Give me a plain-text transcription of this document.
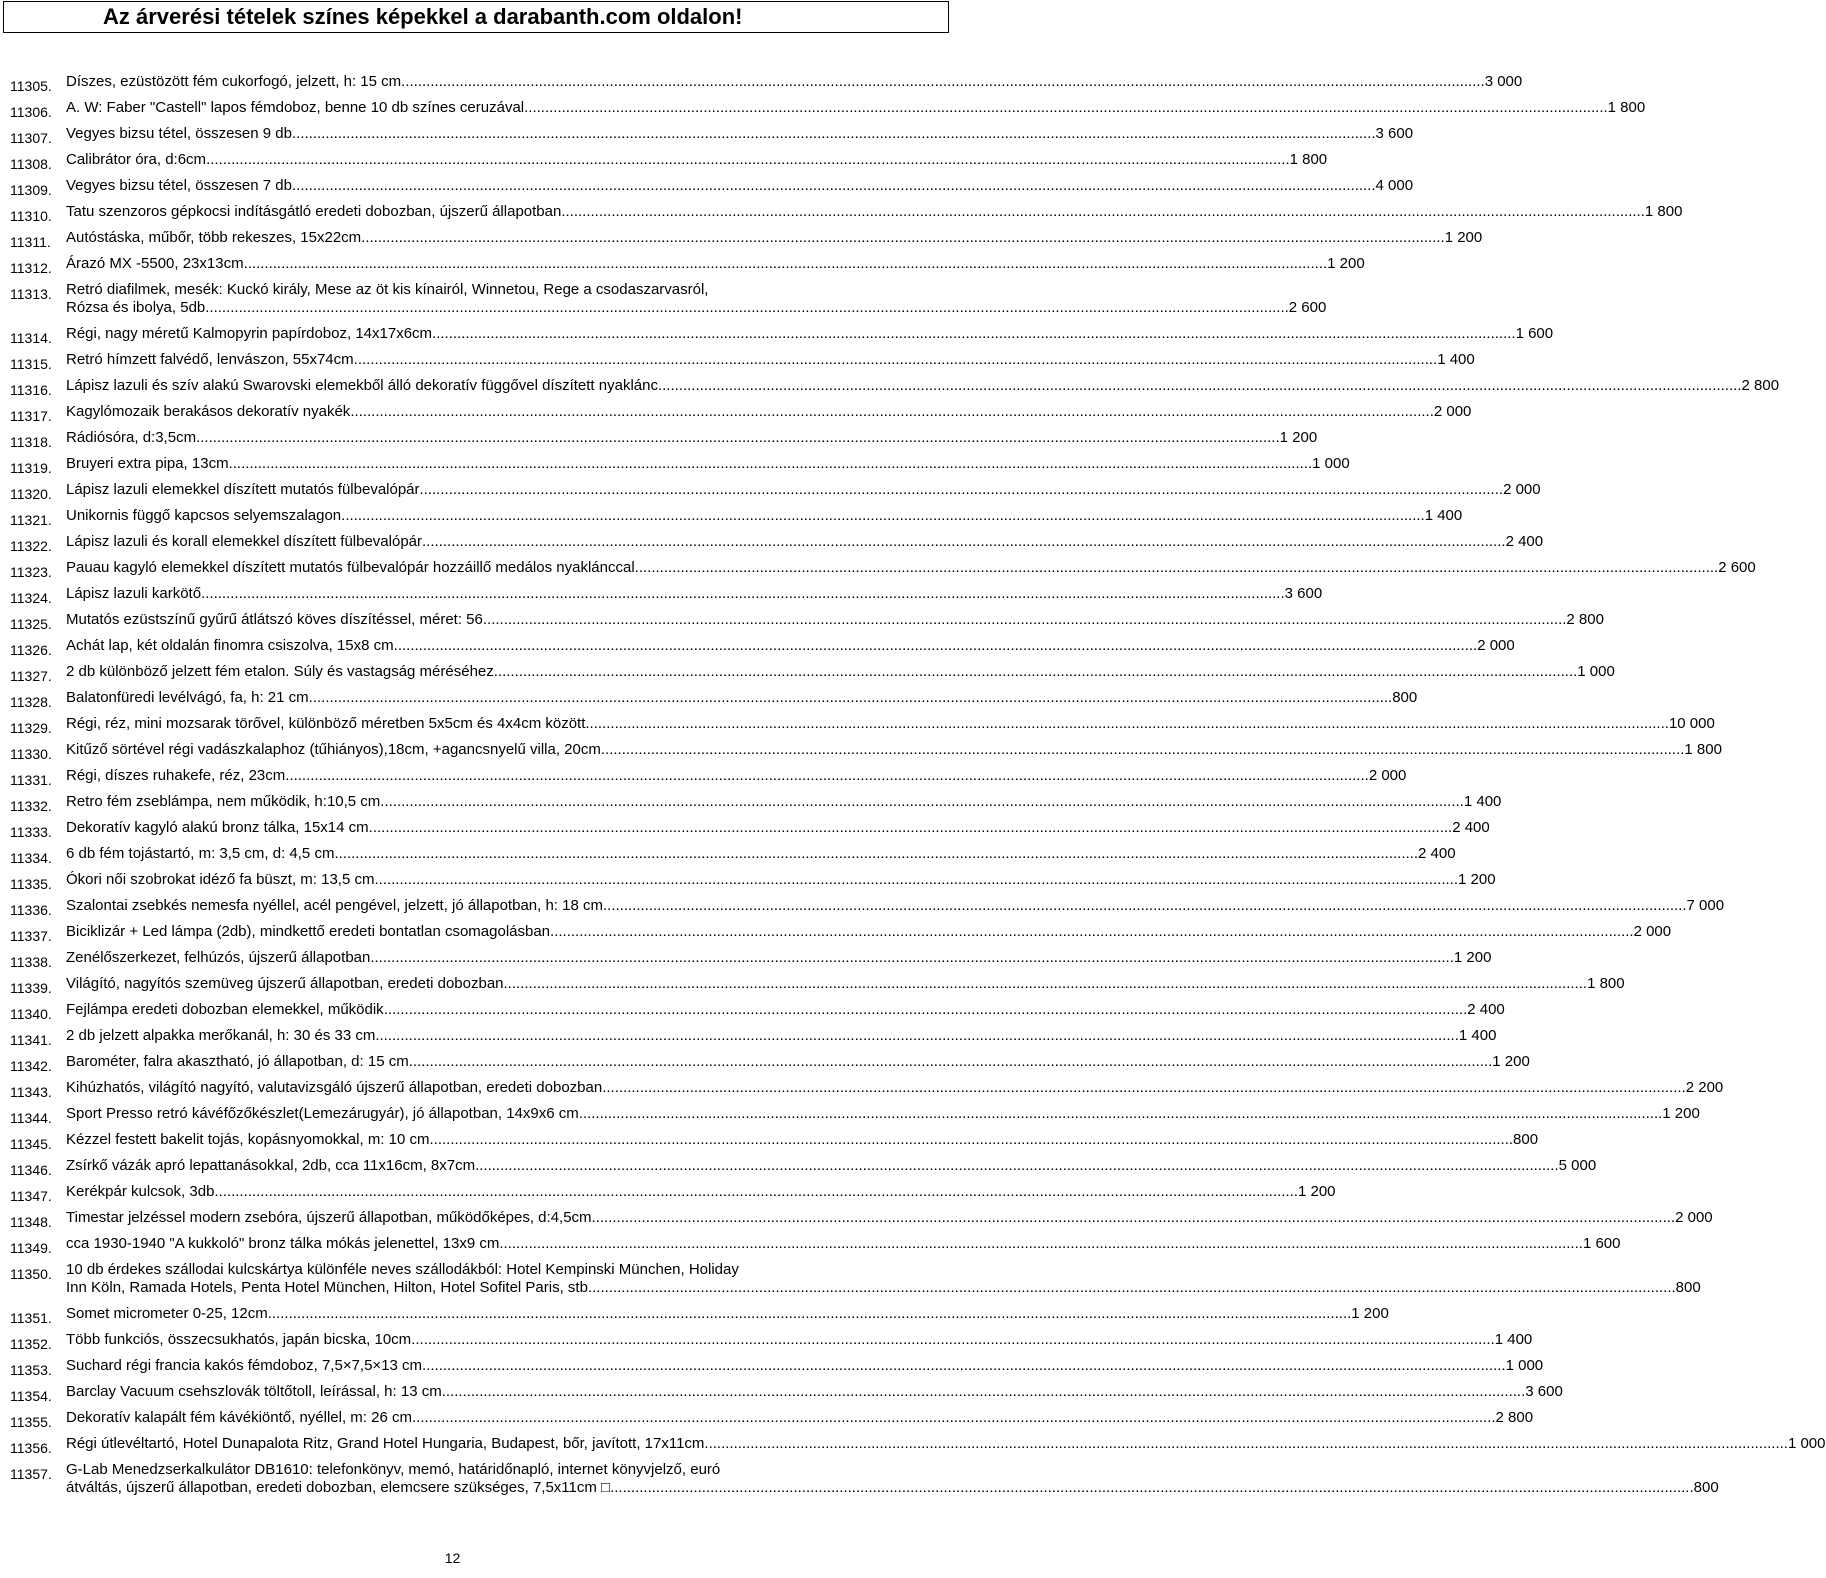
Az árverési tételek színes képekkel a darabanth.com oldalon!
11305. Díszes, ezüstözött fém cukorfogó, jelzett, h: 15 cm .................................................................................................................................................................................................................................................................... 3 000
11306. A. W: Faber "Castell" lapos fémdoboz, benne 10 db színes ceruzával .................................................................................................................................................................................................................................................................... 1 800
11307. Vegyes bizsu tétel, összesen 9 db .................................................................................................................................................................................................................................................................... 3 600
11308. Calibrátor óra, d:6cm .................................................................................................................................................................................................................................................................... 1 800
11309. Vegyes bizsu tétel, összesen 7 db .................................................................................................................................................................................................................................................................... 4 000
11310. Tatu szenzoros gépkocsi indításgátló eredeti dobozban, újszerű állapotban .................................................................................................................................................................................................................................................................... 1 800
11311. Autóstáska, műbőr, több rekeszes, 15x22cm .................................................................................................................................................................................................................................................................... 1 200
11312. Árazó MX -5500, 23x13cm .................................................................................................................................................................................................................................................................... 1 200
11313. Retró diafilmek, mesék: Kuckó király, Mese az öt kis kínairól, Winnetou, Rege a csodaszarvasról,
Rózsa és ibolya, 5db .................................................................................................................................................................................................................................................................... 2 600
11314. Régi, nagy méretű Kalmopyrin papírdoboz, 14x17x6cm .................................................................................................................................................................................................................................................................... 1 600
11315. Retró hímzett falvédő, lenvászon, 55x74cm .................................................................................................................................................................................................................................................................... 1 400
11316. Lápisz lazuli és szív alakú Swarovski elemekből álló dekoratív függővel díszített nyaklánc .................................................................................................................................................................................................................................................................... 2 800
11317. Kagylómozaik berakásos dekoratív nyakék .................................................................................................................................................................................................................................................................... 2 000
11318. Rádiósóra, d:3,5cm .................................................................................................................................................................................................................................................................... 1 200
11319. Bruyeri extra pipa, 13cm .................................................................................................................................................................................................................................................................... 1 000
11320. Lápisz lazuli elemekkel díszített mutatós fülbevalópár .................................................................................................................................................................................................................................................................... 2 000
11321. Unikornis függő kapcsos selyemszalagon .................................................................................................................................................................................................................................................................... 1 400
11322. Lápisz lazuli és korall elemekkel díszített fülbevalópár .................................................................................................................................................................................................................................................................... 2 400
11323. Pauau kagyló elemekkel díszített mutatós fülbevalópár hozzáillő medálos nyaklánccal .................................................................................................................................................................................................................................................................... 2 600
11324. Lápisz lazuli karkötő .................................................................................................................................................................................................................................................................... 3 600
11325. Mutatós ezüstszínű gyűrű átlátszó köves díszítéssel, méret: 56 .................................................................................................................................................................................................................................................................... 2 800
11326. Achát lap, két oldalán finomra csiszolva, 15x8 cm .................................................................................................................................................................................................................................................................... 2 000
11327. 2 db különböző jelzett fém etalon. Súly és vastagság méréséhez .................................................................................................................................................................................................................................................................... 1 000
11328. Balatonfüredi levélvágó, fa, h: 21 cm .................................................................................................................................................................................................................................................................... 800
11329. Régi, réz, mini mozsarak törővel, különböző méretben 5x5cm és 4x4cm között .................................................................................................................................................................................................................................................................... 10 000
11330. Kitűző sörtével régi vadászkalaphoz (tűhiányos),18cm, +agancsnyelű villa, 20cm .................................................................................................................................................................................................................................................................... 1 800
11331. Régi, díszes ruhakefe, réz, 23cm .................................................................................................................................................................................................................................................................... 2 000
11332. Retro fém zseblámpa, nem működik, h:10,5 cm .................................................................................................................................................................................................................................................................... 1 400
11333. Dekoratív kagyló alakú bronz tálka, 15x14 cm .................................................................................................................................................................................................................................................................... 2 400
11334. 6 db fém tojástartó, m: 3,5 cm, d: 4,5 cm .................................................................................................................................................................................................................................................................... 2 400
11335. Ókori női szobrokat idéző fa büszt, m: 13,5 cm .................................................................................................................................................................................................................................................................... 1 200
11336. Szalontai zsebkés nemesfa nyéllel, acél pengével, jelzett, jó állapotban, h: 18 cm .................................................................................................................................................................................................................................................................... 7 000
11337. Biciklizár + Led lámpa (2db), mindkettő eredeti bontatlan csomagolásban .................................................................................................................................................................................................................................................................... 2 000
11338. Zenélőszerkezet, felhúzós, újszerű állapotban .................................................................................................................................................................................................................................................................... 1 200
11339. Világító, nagyítós szemüveg újszerű állapotban, eredeti dobozban .................................................................................................................................................................................................................................................................... 1 800
11340. Fejlámpa eredeti dobozban elemekkel, működik .................................................................................................................................................................................................................................................................... 2 400
11341. 2 db jelzett alpakka merőkanál, h: 30 és 33 cm .................................................................................................................................................................................................................................................................... 1 400
11342. Barométer, falra akasztható, jó állapotban, d: 15 cm .................................................................................................................................................................................................................................................................... 1 200
11343. Kihúzhatós, világító nagyító, valutavizsgáló újszerű állapotban, eredeti dobozban .................................................................................................................................................................................................................................................................... 2 200
11344. Sport Presso retró kávéfőzőkészlet(Lemezárugyár), jó állapotban, 14x9x6 cm .................................................................................................................................................................................................................................................................... 1 200
11345. Kézzel festett bakelit tojás, kopásnyomokkal, m: 10 cm .................................................................................................................................................................................................................................................................... 800
11346. Zsírkő vázák apró lepattanásokkal, 2db, cca 11x16cm, 8x7cm .................................................................................................................................................................................................................................................................... 5 000
11347. Kerékpár kulcsok, 3db .................................................................................................................................................................................................................................................................... 1 200
11348. Timestar jelzéssel modern zsebóra, újszerű állapotban, működőképes, d:4,5cm .................................................................................................................................................................................................................................................................... 2 000
11349. cca 1930-1940 "A kukkoló" bronz tálka mókás jelenettel, 13x9 cm .................................................................................................................................................................................................................................................................... 1 600
11350. 10 db érdekes szállodai kulcskártya különféle neves szállodákból: Hotel Kempinski München, Holiday
Inn Köln, Ramada Hotels, Penta Hotel München, Hilton, Hotel Sofitel Paris, stb. .................................................................................................................................................................................................................................................................... 800
11351. Somet micrometer 0-25, 12cm .................................................................................................................................................................................................................................................................... 1 200
11352. Több funkciós, összecsukhatós, japán bicska, 10cm .................................................................................................................................................................................................................................................................... 1 400
11353. Suchard régi francia kakós fémdoboz, 7,5×7,5×13 cm .................................................................................................................................................................................................................................................................... 1 000
11354. Barclay Vacuum csehszlovák töltőtoll, leírással, h: 13 cm .................................................................................................................................................................................................................................................................... 3 600
11355. Dekoratív kalapált fém kávékiöntő, nyéllel, m: 26 cm .................................................................................................................................................................................................................................................................... 2 800
11356. Régi útlevéltartó, Hotel Dunapalota Ritz, Grand Hotel Hungaria, Budapest, bőr, javított, 17x11cm .................................................................................................................................................................................................................................................................... 1 000
11357. G-Lab Menedzserkalkulátor DB1610: telefonkönyv, memó, határidőnapló, internet könyvjelző, euró
átváltás, újszerű állapotban, eredeti dobozban, elemcsere szükséges, 7,5x11cm □ .................................................................................................................................................................................................................................................................... 800
12
